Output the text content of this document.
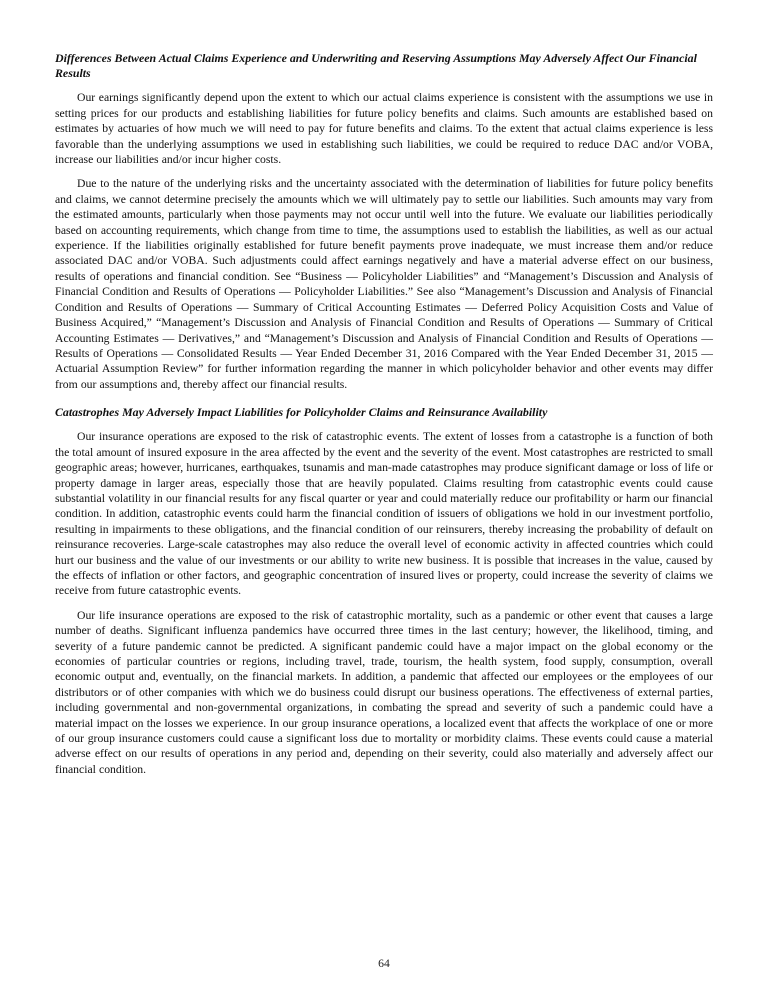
Differences Between Actual Claims Experience and Underwriting and Reserving Assumptions May Adversely Affect Our Financial Results

Our earnings significantly depend upon the extent to which our actual claims experience is consistent with the assumptions we use in setting prices for our products and establishing liabilities for future policy benefits and claims. Such amounts are established based on estimates by actuaries of how much we will need to pay for future benefits and claims. To the extent that actual claims experience is less favorable than the underlying assumptions we used in establishing such liabilities, we could be required to reduce DAC and/or VOBA, increase our liabilities and/or incur higher costs.

Due to the nature of the underlying risks and the uncertainty associated with the determination of liabilities for future policy benefits and claims, we cannot determine precisely the amounts which we will ultimately pay to settle our liabilities. Such amounts may vary from the estimated amounts, particularly when those payments may not occur until well into the future. We evaluate our liabilities periodically based on accounting requirements, which change from time to time, the assumptions used to establish the liabilities, as well as our actual experience. If the liabilities originally established for future benefit payments prove inadequate, we must increase them and/or reduce associated DAC and/or VOBA. Such adjustments could affect earnings negatively and have a material adverse effect on our business, results of operations and financial condition. See “Business — Policyholder Liabilities” and “Management’s Discussion and Analysis of Financial Condition and Results of Operations — Policyholder Liabilities.” See also “Management’s Discussion and Analysis of Financial Condition and Results of Operations — Summary of Critical Accounting Estimates — Deferred Policy Acquisition Costs and Value of Business Acquired,” “Management’s Discussion and Analysis of Financial Condition and Results of Operations — Summary of Critical Accounting Estimates — Derivatives,” and “Management’s Discussion and Analysis of Financial Condition and Results of Operations — Results of Operations — Consolidated Results — Year Ended December 31, 2016 Compared with the Year Ended December 31, 2015 — Actuarial Assumption Review” for further information regarding the manner in which policyholder behavior and other events may differ from our assumptions and, thereby affect our financial results.

Catastrophes May Adversely Impact Liabilities for Policyholder Claims and Reinsurance Availability

Our insurance operations are exposed to the risk of catastrophic events. The extent of losses from a catastrophe is a function of both the total amount of insured exposure in the area affected by the event and the severity of the event. Most catastrophes are restricted to small geographic areas; however, hurricanes, earthquakes, tsunamis and man-made catastrophes may produce significant damage or loss of life or property damage in larger areas, especially those that are heavily populated. Claims resulting from catastrophic events could cause substantial volatility in our financial results for any fiscal quarter or year and could materially reduce our profitability or harm our financial condition. In addition, catastrophic events could harm the financial condition of issuers of obligations we hold in our investment portfolio, resulting in impairments to these obligations, and the financial condition of our reinsurers, thereby increasing the probability of default on reinsurance recoveries. Large-scale catastrophes may also reduce the overall level of economic activity in affected countries which could hurt our business and the value of our investments or our ability to write new business. It is possible that increases in the value, caused by the effects of inflation or other factors, and geographic concentration of insured lives or property, could increase the severity of claims we receive from future catastrophic events.

Our life insurance operations are exposed to the risk of catastrophic mortality, such as a pandemic or other event that causes a large number of deaths. Significant influenza pandemics have occurred three times in the last century; however, the likelihood, timing, and severity of a future pandemic cannot be predicted. A significant pandemic could have a major impact on the global economy or the economies of particular countries or regions, including travel, trade, tourism, the health system, food supply, consumption, overall economic output and, eventually, on the financial markets. In addition, a pandemic that affected our employees or the employees of our distributors or of other companies with which we do business could disrupt our business operations. The effectiveness of external parties, including governmental and non-governmental organizations, in combating the spread and severity of such a pandemic could have a material impact on the losses we experience. In our group insurance operations, a localized event that affects the workplace of one or more of our group insurance customers could cause a significant loss due to mortality or morbidity claims. These events could cause a material adverse effect on our results of operations in any period and, depending on their severity, could also materially and adversely affect our financial condition.

64
